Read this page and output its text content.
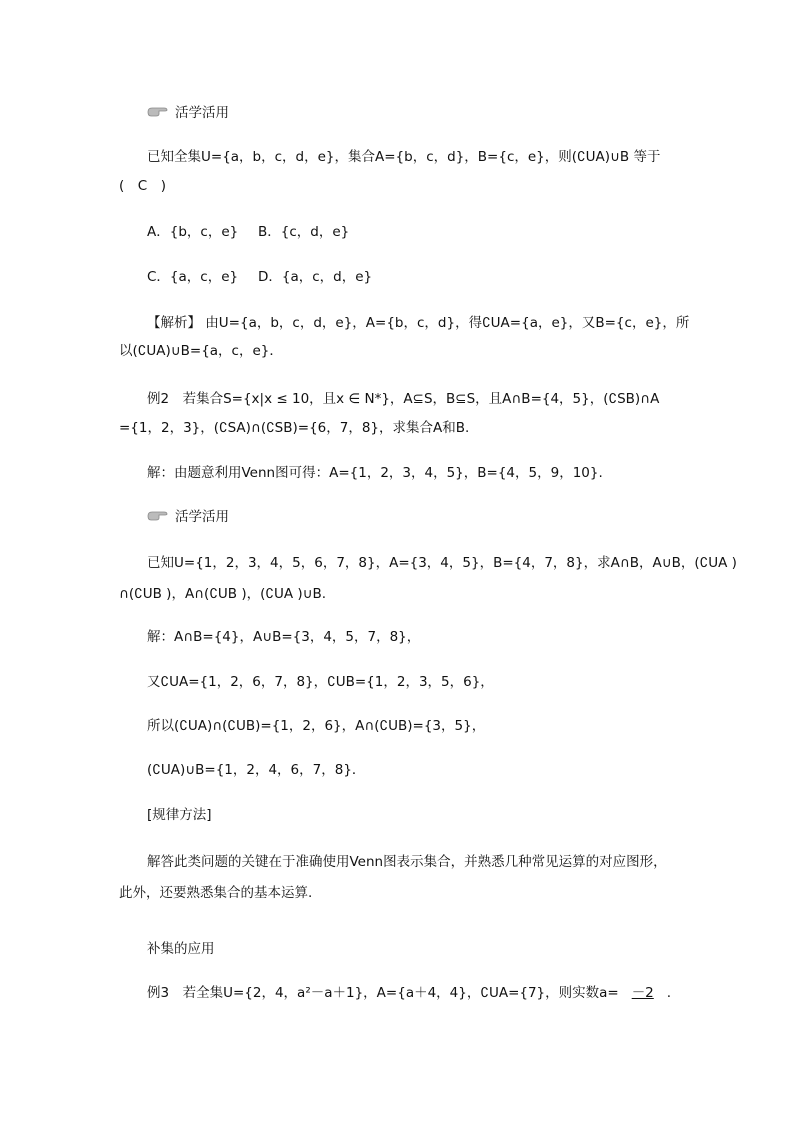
活学活用
已知全集U={a，b，c，d，e}，集合A={b，c，d}，B={c，e}，则(∁UA)∪B 等于
(　C　)
A．{b，c，e} B．{c，d，e}
C．{a，c，e} D．{a，c，d，e}
【解析】 由U={a，b，c，d，e}，A={b，c，d}，得∁UA={a，e}，又B={c，e}，所
以(∁UA)∪B={a，c，e}．
例2　若集合S={x|x ≤ 10，且x ∈ N*}，A⊆S，B⊆S，且A∩B={4，5}，(∁SB)∩A
={1，2，3}，(∁SA)∩(∁SB)={6，7，8}，求集合A和B.
解：由题意利用Venn图可得：A={1，2，3，4，5}，B={4，5，9，10}.
活学活用
已知U={1，2，3，4，5，6，7，8}，A={3，4，5}，B={4，7，8}，求A∩B，A∪B，(∁UA )
∩(∁UB )，A∩(∁UB )，(∁UA )∪B.
解：A∩B={4}，A∪B={3，4，5，7，8}，
又∁UA={1，2，6，7，8}，∁UB={1，2，3，5，6}，
所以(∁UA)∩(∁UB)={1，2，6}，A∩(∁UB)={3，5}，
(∁UA)∪B={1，2，4，6，7，8}．
[规律方法]
解答此类问题的关键在于准确使用Venn图表示集合，并熟悉几种常见运算的对应图形，
此外，还要熟悉集合的基本运算.
补集的应用
例3　若全集U={2，4，a²－a＋1}，A={a＋4，4}，∁UA={7}，则实数a= －2 .
